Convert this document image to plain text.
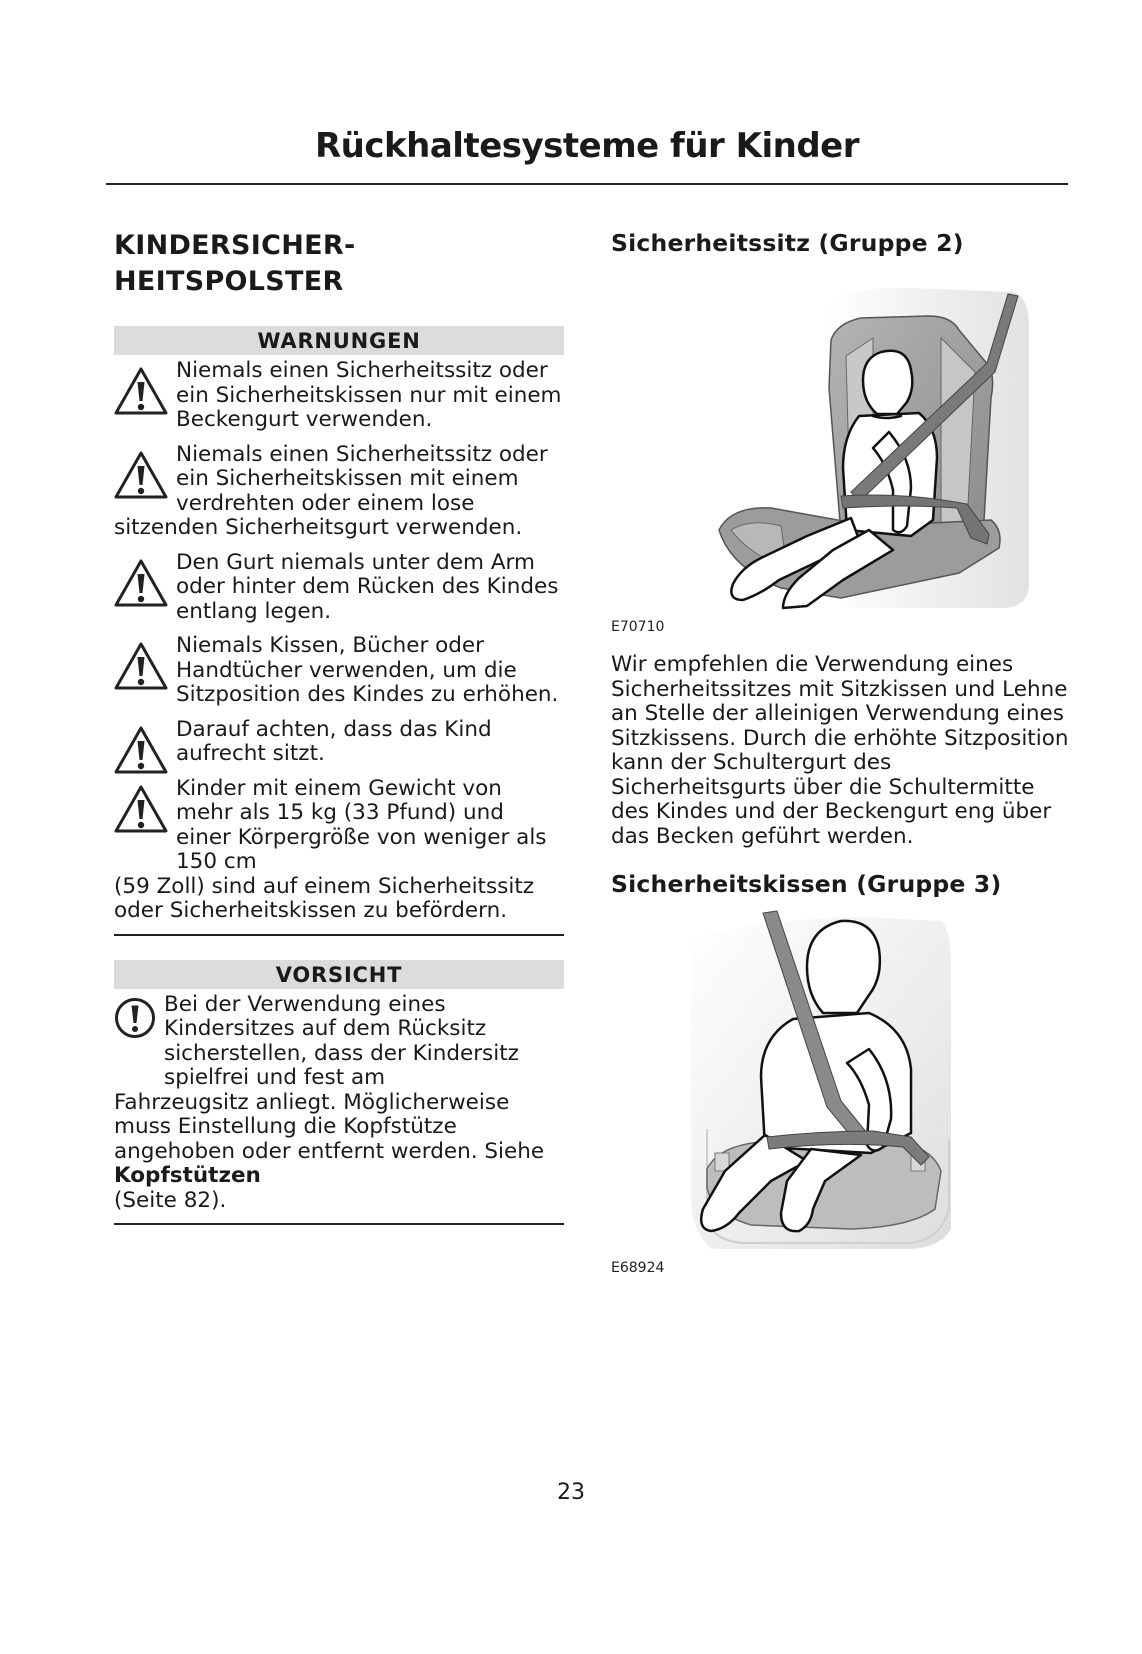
Rückhaltesysteme für Kinder
KINDERSICHER-
HEITSPOLSTER
WARNUNGEN
Niemals einen Sicherheitssitz oder ein Sicherheitskissen nur mit einem Beckengurt verwenden.
Niemals einen Sicherheitssitz oder ein Sicherheitskissen mit einem verdrehten oder einem lose
sitzenden Sicherheitsgurt verwenden.
Den Gurt niemals unter dem Arm oder hinter dem Rücken des Kindes entlang legen.
Niemals Kissen, Bücher oder Handtücher verwenden, um die Sitzposition des Kindes zu erhöhen.
Darauf achten, dass das Kind aufrecht sitzt.
Kinder mit einem Gewicht von mehr als 15 kg (33 Pfund) und einer Körpergröße von weniger als 150 cm
(59 Zoll) sind auf einem Sicherheitssitz oder Sicherheitskissen zu befördern.
VORSICHT
Bei der Verwendung eines Kindersitzes auf dem Rücksitz sicherstellen, dass der Kindersitz spielfrei und fest am
Fahrzeugsitz anliegt. Möglicherweise muss Einstellung die Kopfstütze angehoben oder entfernt werden. Siehe Kopfstützen
(Seite 82).
Sicherheitssitz (Gruppe 2)
E70710

Wir empfehlen die Verwendung eines Sicherheitssitzes mit Sitzkissen und Lehne an Stelle der alleinigen Verwendung eines Sitzkissens. Durch die erhöhte Sitzposition kann der Schultergurt des Sicherheitsgurts über die Schultermitte des Kindes und der Beckengurt eng über das Becken geführt werden.

Sicherheitskissen (Gruppe 3)
E68924
23
